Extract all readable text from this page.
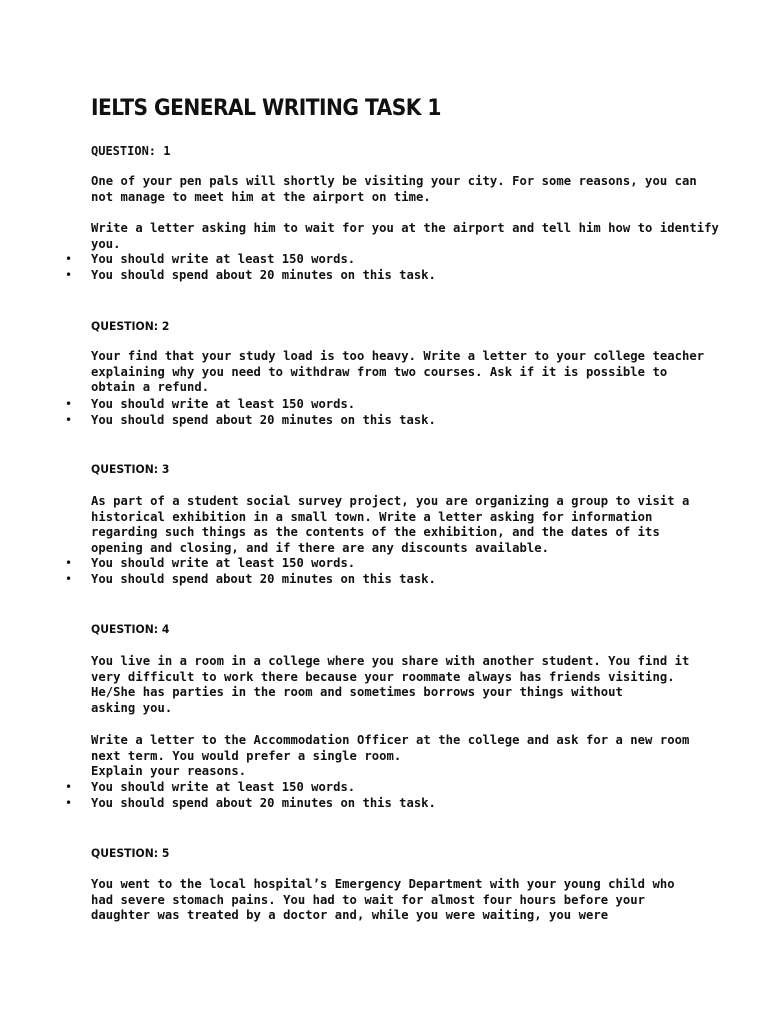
IELTS GENERAL WRITING TASK 1

QUESTION: 1

One of your pen pals will shortly be visiting your city. For some reasons, you can
not manage to meet him at the airport on time.

Write a letter asking him to wait for you at the airport and tell him how to identify
you.

• You should write at least 150 words.
• You should spend about 20 minutes on this task.

QUESTION: 2

Your find that your study load is too heavy. Write a letter to your college teacher
explaining why you need to withdraw from two courses. Ask if it is possible to
obtain a refund.

• You should write at least 150 words.
• You should spend about 20 minutes on this task.

QUESTION: 3

As part of a student social survey project, you are organizing a group to visit a
historical exhibition in a small town. Write a letter asking for information
regarding such things as the contents of the exhibition, and the dates of its
opening and closing, and if there are any discounts available.

• You should write at least 150 words.
• You should spend about 20 minutes on this task.

QUESTION: 4

You live in a room in a college where you share with another student. You find it
very difficult to work there because your roommate always has friends visiting.
He/She has parties in the room and sometimes borrows your things without
asking you.

Write a letter to the Accommodation Officer at the college and ask for a new room
next term. You would prefer a single room.
Explain your reasons.

• You should write at least 150 words.
• You should spend about 20 minutes on this task.

QUESTION: 5

You went to the local hospital’s Emergency Department with your young child who
had severe stomach pains. You had to wait for almost four hours before your
daughter was treated by a doctor and, while you were waiting, you were
